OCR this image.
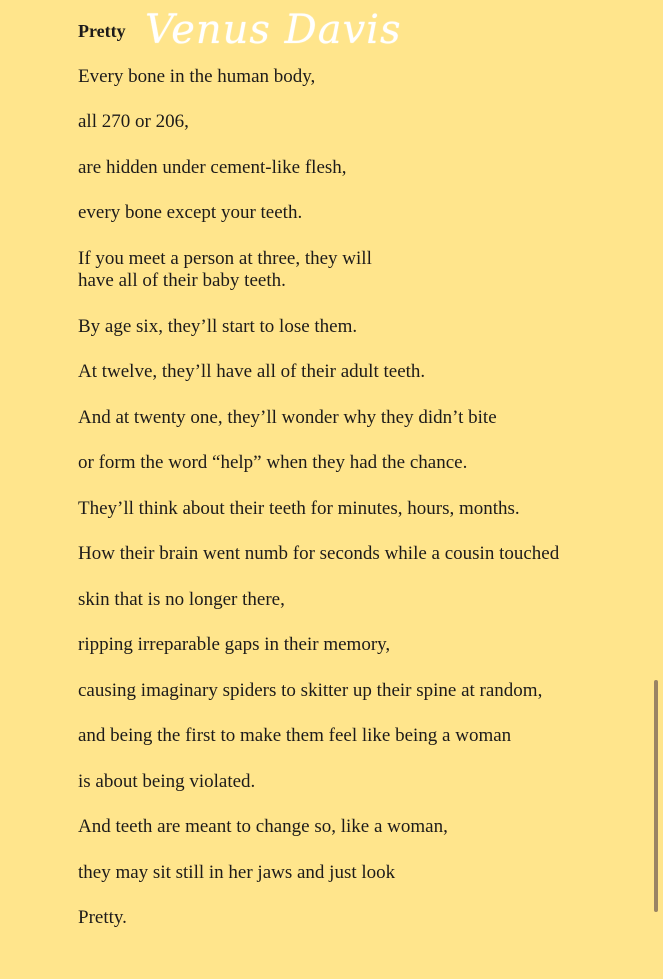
Pretty Venus Davis
Every bone in the human body,
all 270 or 206,
are hidden under cement-like flesh,
every bone except your teeth.
If you meet a person at three, they will
have all of their baby teeth.
By age six, they’ll start to lose them.
At twelve, they’ll have all of their adult teeth.
And at twenty one, they’ll wonder why they didn’t bite
or form the word “help” when they had the chance.
They’ll think about their teeth for minutes, hours, months.
How their brain went numb for seconds while a cousin touched
skin that is no longer there,
ripping irreparable gaps in their memory,
causing imaginary spiders to skitter up their spine at random,
and being the first to make them feel like being a woman
is about being violated.
And teeth are meant to change so, like a woman,
they may sit still in her jaws and just look
Pretty.
